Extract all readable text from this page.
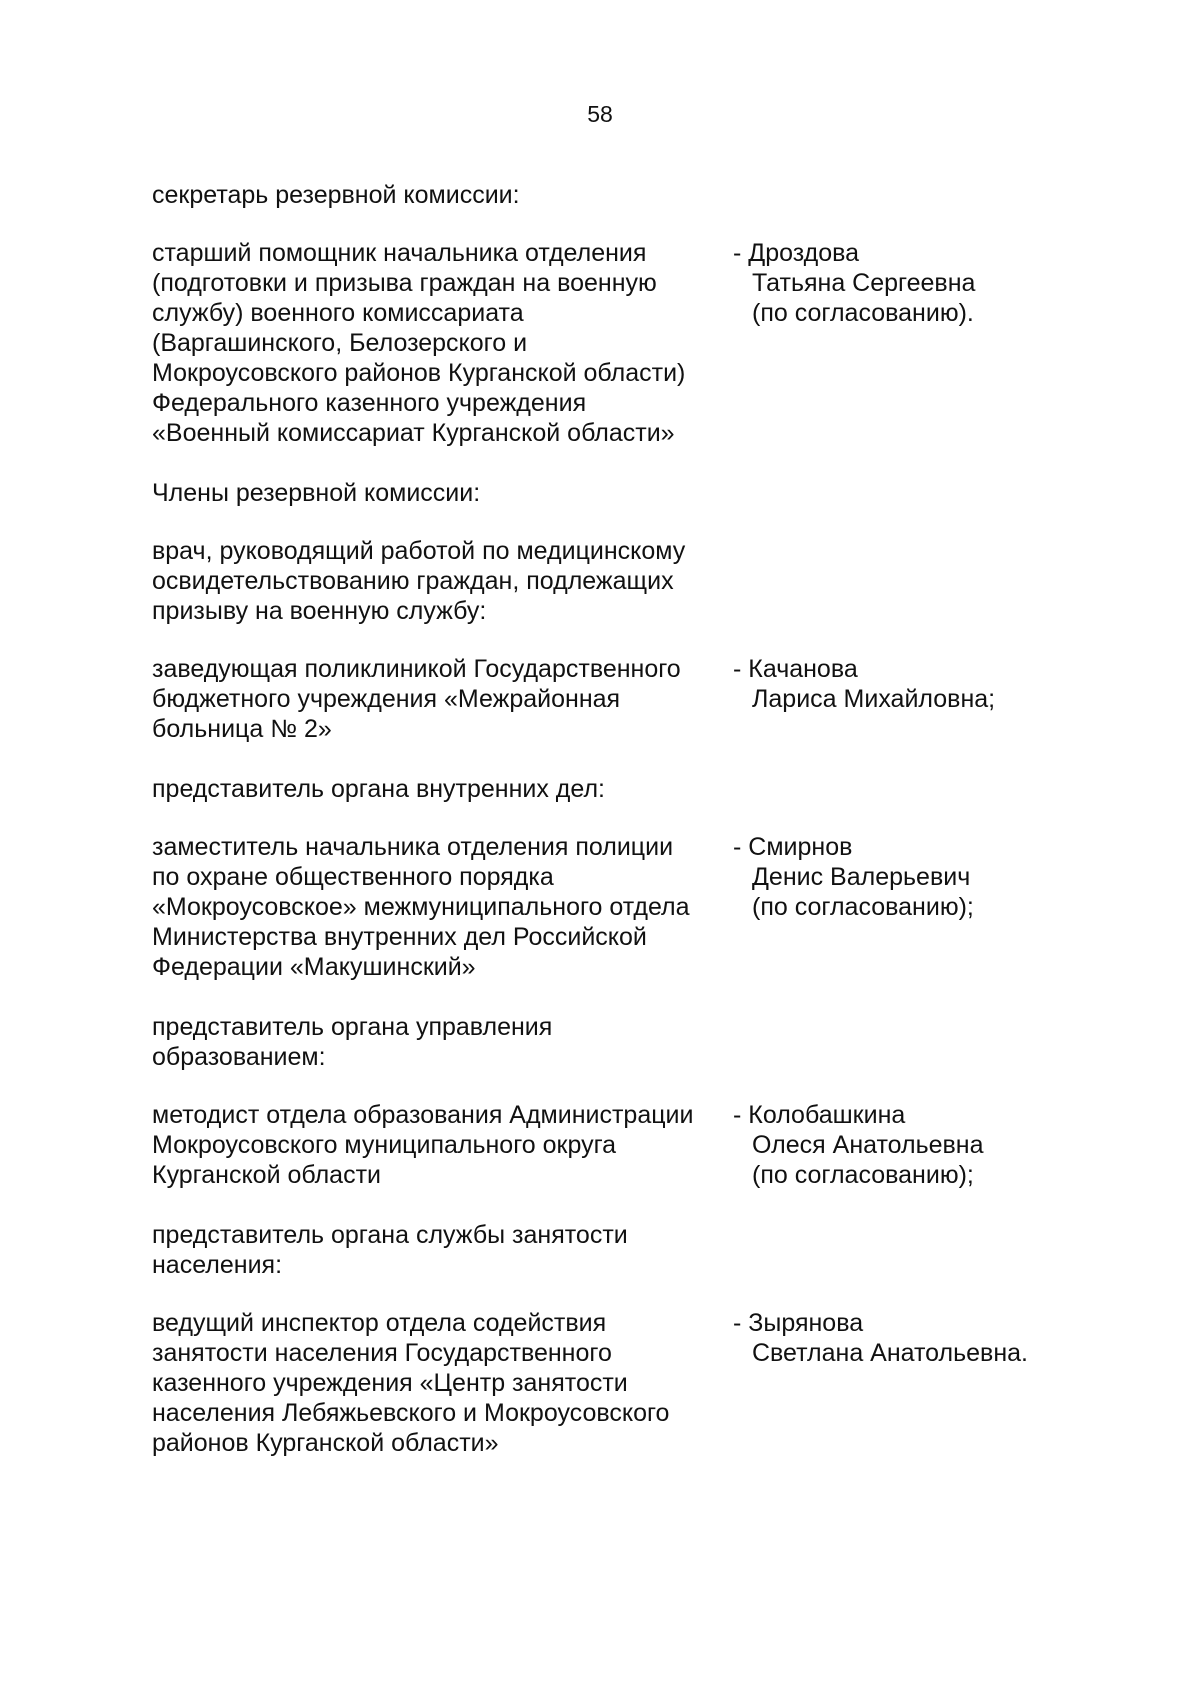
58
секретарь резервной комиссии:
старший помощник начальника отделения
(подготовки и призыва граждан на военную
службу) военного комиссариата
(Варгашинского, Белозерского и
Мокроусовского районов Курганской области)
Федерального казенного учреждения
«Военный комиссариат Курганской области»
- Дроздова
Татьяна Сергеевна
(по согласованию).
Члены резервной комиссии:
врач, руководящий работой по медицинскому
освидетельствованию граждан, подлежащих
призыву на военную службу:
заведующая поликлиникой Государственного
бюджетного учреждения «Межрайонная
больница № 2»
- Качанова
Лариса Михайловна;
представитель органа внутренних дел:
заместитель начальника отделения полиции
по охране общественного порядка
«Мокроусовское» межмуниципального отдела
Министерства внутренних дел Российской
Федерации «Макушинский»
- Смирнов
Денис Валерьевич
(по согласованию);
представитель органа управления
образованием:
методист отдела образования Администрации
Мокроусовского муниципального округа
Курганской области
- Колобашкина
Олеся Анатольевна
(по согласованию);
представитель органа службы занятости
населения:
ведущий инспектор отдела содействия
занятости населения Государственного
казенного учреждения «Центр занятости
населения Лебяжьевского и Мокроусовского
районов Курганской области»
- Зырянова
Светлана Анатольевна.
